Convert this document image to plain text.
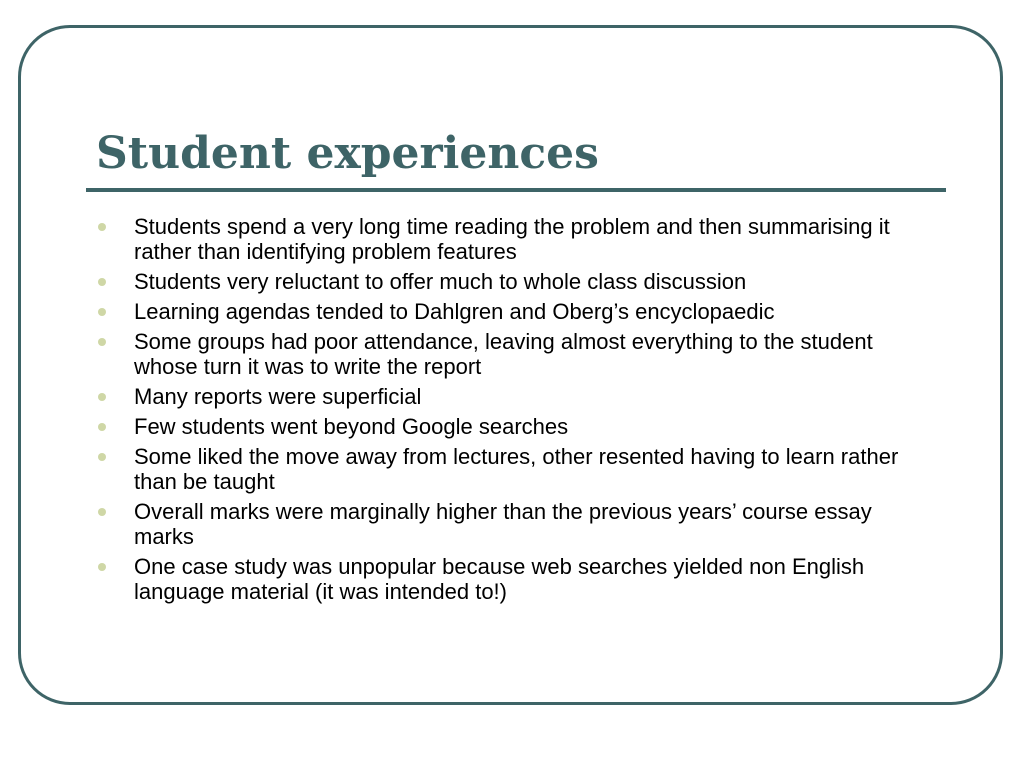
Student experiences
Students spend a very long time reading the problem and then summarising it rather than identifying problem features
Students very reluctant to offer much to whole class discussion
Learning agendas tended to Dahlgren and Oberg’s encyclopaedic
Some groups had poor attendance, leaving almost everything to the student whose turn it was to write the report
Many reports were superficial
Few students went beyond Google searches
Some liked the move away from lectures, other resented having to learn rather than be taught
Overall marks were marginally higher than the previous years’ course essay marks
One case study was unpopular because web searches yielded non English language material (it was intended to!)
